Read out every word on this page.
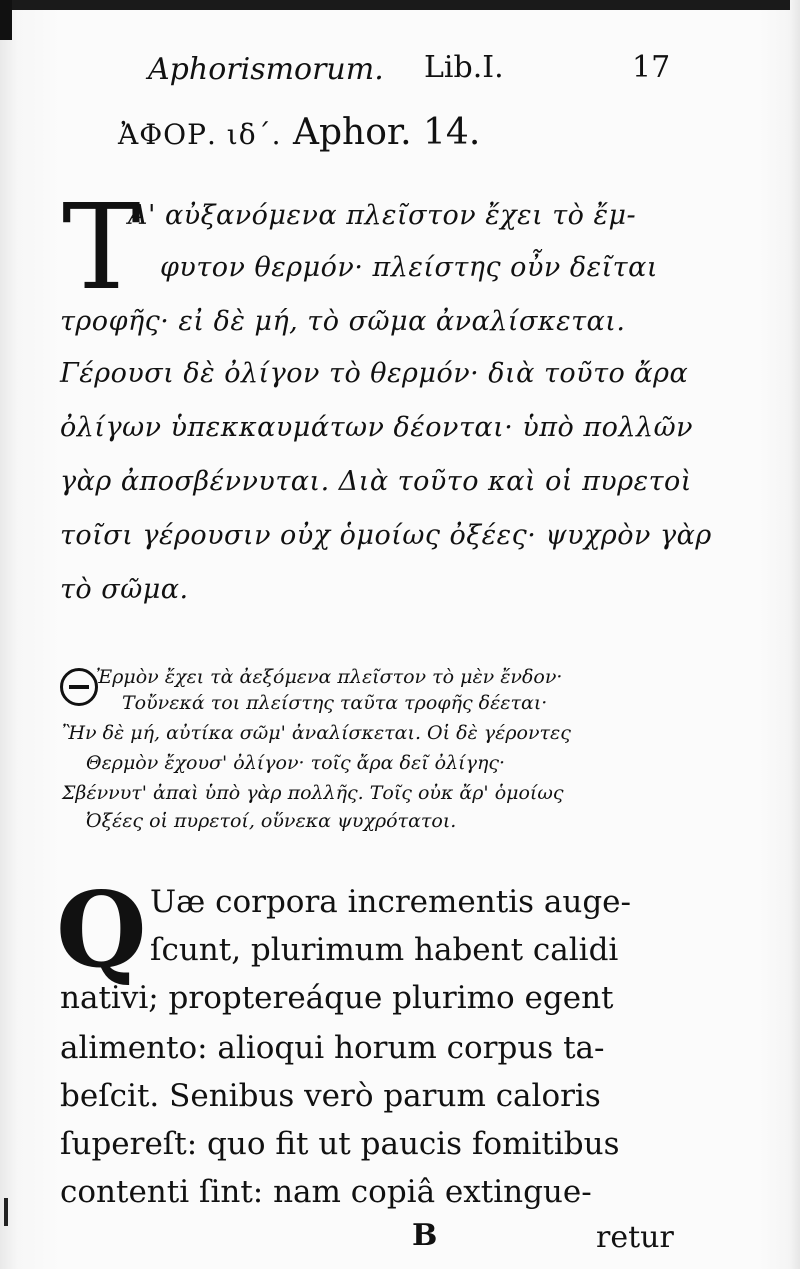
Aphorismorum. Lib.I.	17
ἈΦΟΡ. ιδ΄. Aphor. 14.
T
Α' αὐξανόμενα πλεῖστον ἔχει τὸ ἔμ-
φυτον θερμόν· πλείστης οὖν δεῖται
τροφῆς· εἰ δὲ μή, τὸ σῶμα ἀναλίσκεται.
Γέρουσι δὲ ὀλίγον τὸ θερμόν· διὰ τοῦτο ἄρα
ὀλίγων ὑπεκκαυμάτων δέονται· ὑπὸ πολλῶν
γὰρ ἀποσβέννυται. Διὰ τοῦτο καὶ οἱ πυρετοὶ
τοῖσι γέρουσιν οὐχ ὁμοίως ὀξέες· ψυχρὸν γὰρ
τὸ σῶμα.
Ἐρμὸν ἔχει τὰ ἀεξόμενα πλεῖστον τὸ μὲν ἔνδον·
Τοὔνεκά τοι πλείστης ταῦτα τροφῆς δέεται·
Ἢν δὲ μή, αὐτίκα σῶμ' ἀναλίσκεται. Οἱ δὲ γέροντες
Θερμὸν ἔχουσ' ὀλίγον· τοῖς ἄρα δεῖ ὀλίγης·
Σβέννυτ' ἀπαὶ ὑπὸ γὰρ πολλῆς. Τοῖς οὐκ ἄρ' ὁμοίως
Ὀξέες οἱ πυρετοί, οὕνεκα ψυχρότατοι.
Q Uæ corpora incrementis auge-
ſcunt, plurimum habent calidi
nativi; proptereáque plurimo egent
alimento: alioqui horum corpus ta-
beſcit. Senibus verò parum caloris
ſupereſt: quo fit ut paucis fomitibus
contenti ſint: nam copiâ extingue-
B	retur
